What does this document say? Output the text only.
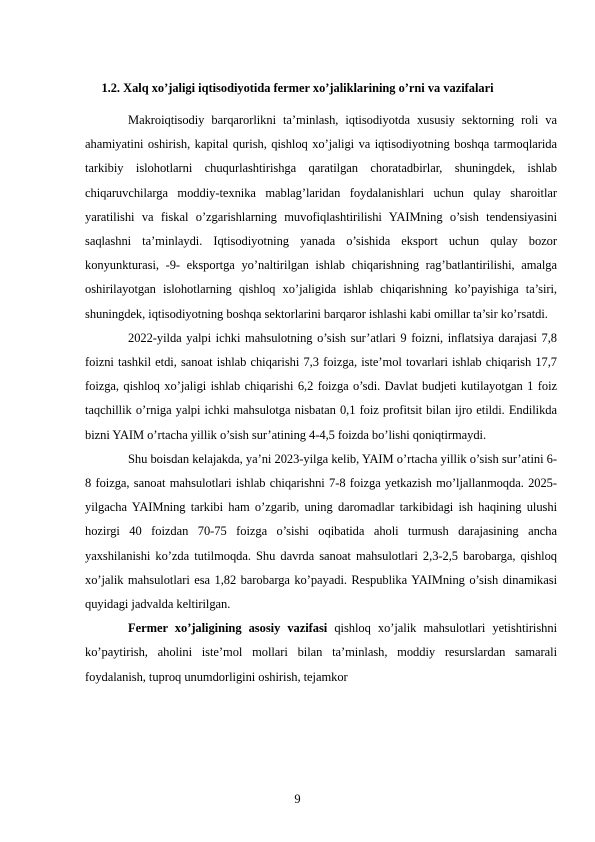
1.2. Xalq xo’jaligi iqtisodiyotida fermer xo’jaliklarining o’rni va vazifalari

Makroiqtisodiy barqarorlikni ta’minlash, iqtisodiyotda xususiy sektorning roli va ahamiyatini oshirish, kapital qurish, qishloq xo’jaligi va iqtisodiyotning boshqa tarmoqlarida tarkibiy islohotlarni chuqurlashtirishga qaratilgan choratadbirlar, shuningdek, ishlab chiqaruvchilarga moddiy-texnika mablag’laridan foydalanishlari uchun qulay sharoitlar yaratilishi va fiskal o’zgarishlarning muvofiqlashtirilishi YAIMning o’sish tendensiyasini saqlashni ta’minlaydi. Iqtisodiyotning yanada o’sishida eksport uchun qulay bozor konyunkturasi, -9- eksportga yo’naltirilgan ishlab chiqarishning rag’batlantirilishi, amalga oshirilayotgan islohotlarning qishloq xo’jaligida ishlab chiqarishning ko’payishiga ta’siri, shuningdek, iqtisodiyotning boshqa sektorlarini barqaror ishlashi kabi omillar ta’sir ko’rsatdi.

2022-yilda yalpi ichki mahsulotning o’sish sur’atlari 9 foizni, inflatsiya darajasi 7,8 foizni tashkil etdi, sanoat ishlab chiqarishi 7,3 foizga, iste’mol tovarlari ishlab chiqarish 17,7 foizga, qishloq xo’jaligi ishlab chiqarishi 6,2 foizga o’sdi. Davlat budjeti kutilayotgan 1 foiz taqchillik o’rniga yalpi ichki mahsulotga nisbatan 0,1 foiz profitsit bilan ijro etildi. Endilikda bizni YAIM o’rtacha yillik o’sish sur’atining 4-4,5 foizda bo’lishi qoniqtirmaydi.

Shu boisdan kelajakda, ya’ni 2023-yilga kelib, YAIM o’rtacha yillik o’sish sur’atini 6-8 foizga, sanoat mahsulotlari ishlab chiqarishni 7-8 foizga yetkazish mo’ljallanmoqda. 2025-yilgacha YAIMning tarkibi ham o’zgarib, uning daromadlar tarkibidagi ish haqining ulushi hozirgi 40 foizdan 70-75 foizga o’sishi oqibatida aholi turmush darajasining ancha yaxshilanishi ko’zda tutilmoqda. Shu davrda sanoat mahsulotlari 2,3-2,5 barobarga, qishloq xo’jalik mahsulotlari esa 1,82 barobarga ko’payadi. Respublika YAIMning o’sish dinamikasi quyidagi jadvalda keltirilgan.

Fermer xo’jaligining asosiy vazifasi qishloq xo’jalik mahsulotlari yetishtirishni ko’paytirish, aholini iste’mol mollari bilan ta’minlash, moddiy resurslardan samarali foydalanish, tuproq unumdorligini oshirish, tejamkor

9
